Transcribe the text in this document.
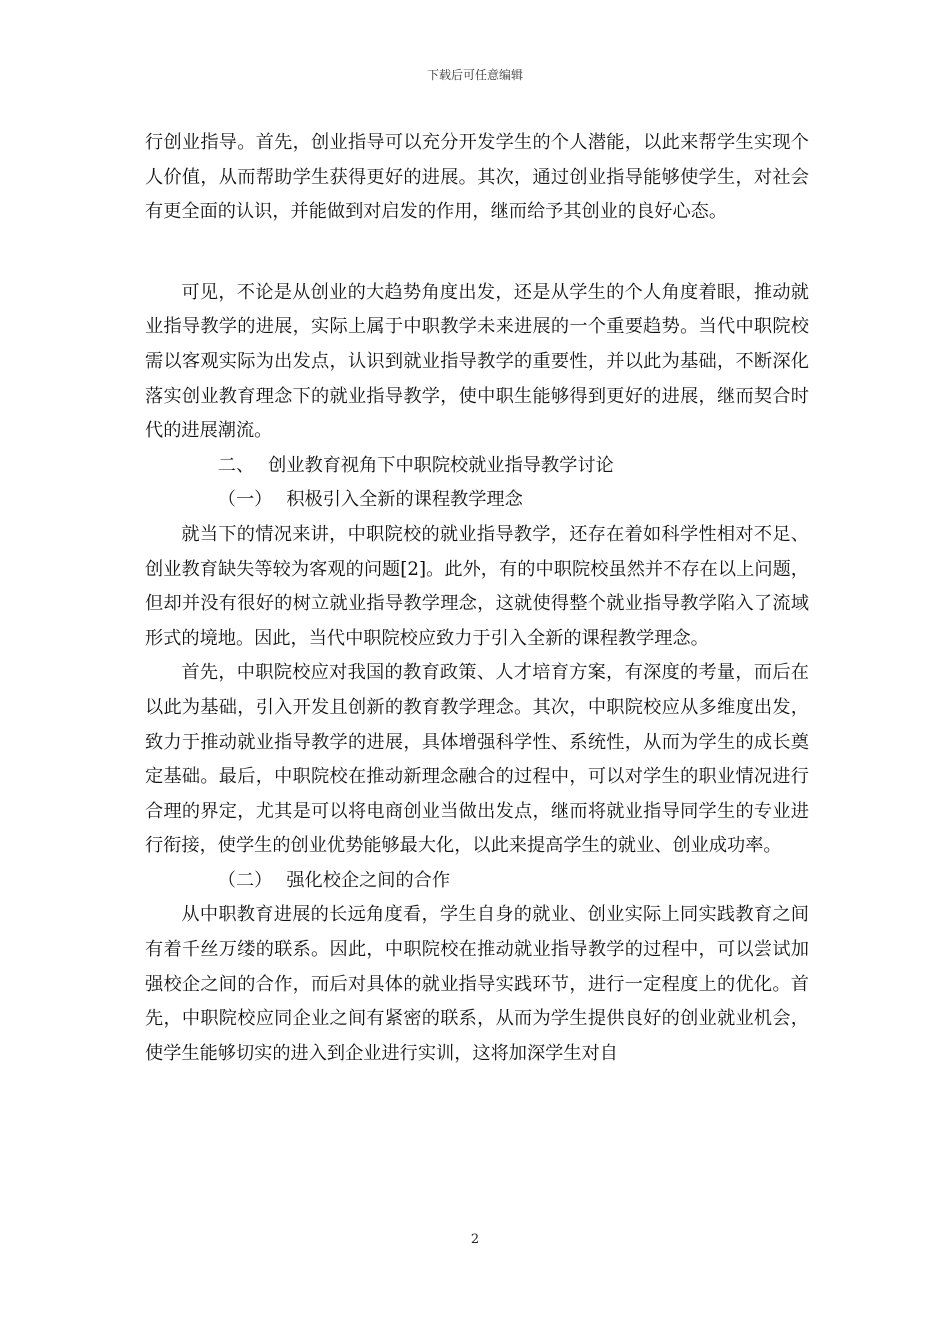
下载后可任意编辑

行创业指导。首先，创业指导可以充分开发学生的个人潜能，以此来帮学生实现个人价值，从而帮助学生获得更好的进展。其次，通过创业指导能够使学生，对社会有更全面的认识，并能做到对启发的作用，继而给予其创业的良好心态。

可见，不论是从创业的大趋势角度出发，还是从学生的个人角度着眼，推动就业指导教学的进展，实际上属于中职教学未来进展的一个重要趋势。当代中职院校需以客观实际为出发点，认识到就业指导教学的重要性，并以此为基础，不断深化落实创业教育理念下的就业指导教学，使中职生能够得到更好的进展，继而契合时代的进展潮流。

二、 创业教育视角下中职院校就业指导教学讨论

（一） 积极引入全新的课程教学理念

就当下的情况来讲，中职院校的就业指导教学，还存在着如科学性相对不足、创业教育缺失等较为客观的问题[2]。此外，有的中职院校虽然并不存在以上问题，但却并没有很好的树立就业指导教学理念，这就使得整个就业指导教学陷入了流域形式的境地。因此，当代中职院校应致力于引入全新的课程教学理念。

首先，中职院校应对我国的教育政策、人才培育方案，有深度的考量，而后在以此为基础，引入开发且创新的教育教学理念。其次，中职院校应从多维度出发，致力于推动就业指导教学的进展，具体增强科学性、系统性，从而为学生的成长奠定基础。最后，中职院校在推动新理念融合的过程中，可以对学生的职业情况进行合理的界定，尤其是可以将电商创业当做出发点，继而将就业指导同学生的专业进行衔接，使学生的创业优势能够最大化，以此来提高学生的就业、创业成功率。

（二） 强化校企之间的合作

从中职教育进展的长远角度看，学生自身的就业、创业实际上同实践教育之间有着千丝万缕的联系。因此，中职院校在推动就业指导教学的过程中，可以尝试加强校企之间的合作，而后对具体的就业指导实践环节，进行一定程度上的优化。首先，中职院校应同企业之间有紧密的联系，从而为学生提供良好的创业就业机会，使学生能够切实的进入到企业进行实训，这将加深学生对自

2
